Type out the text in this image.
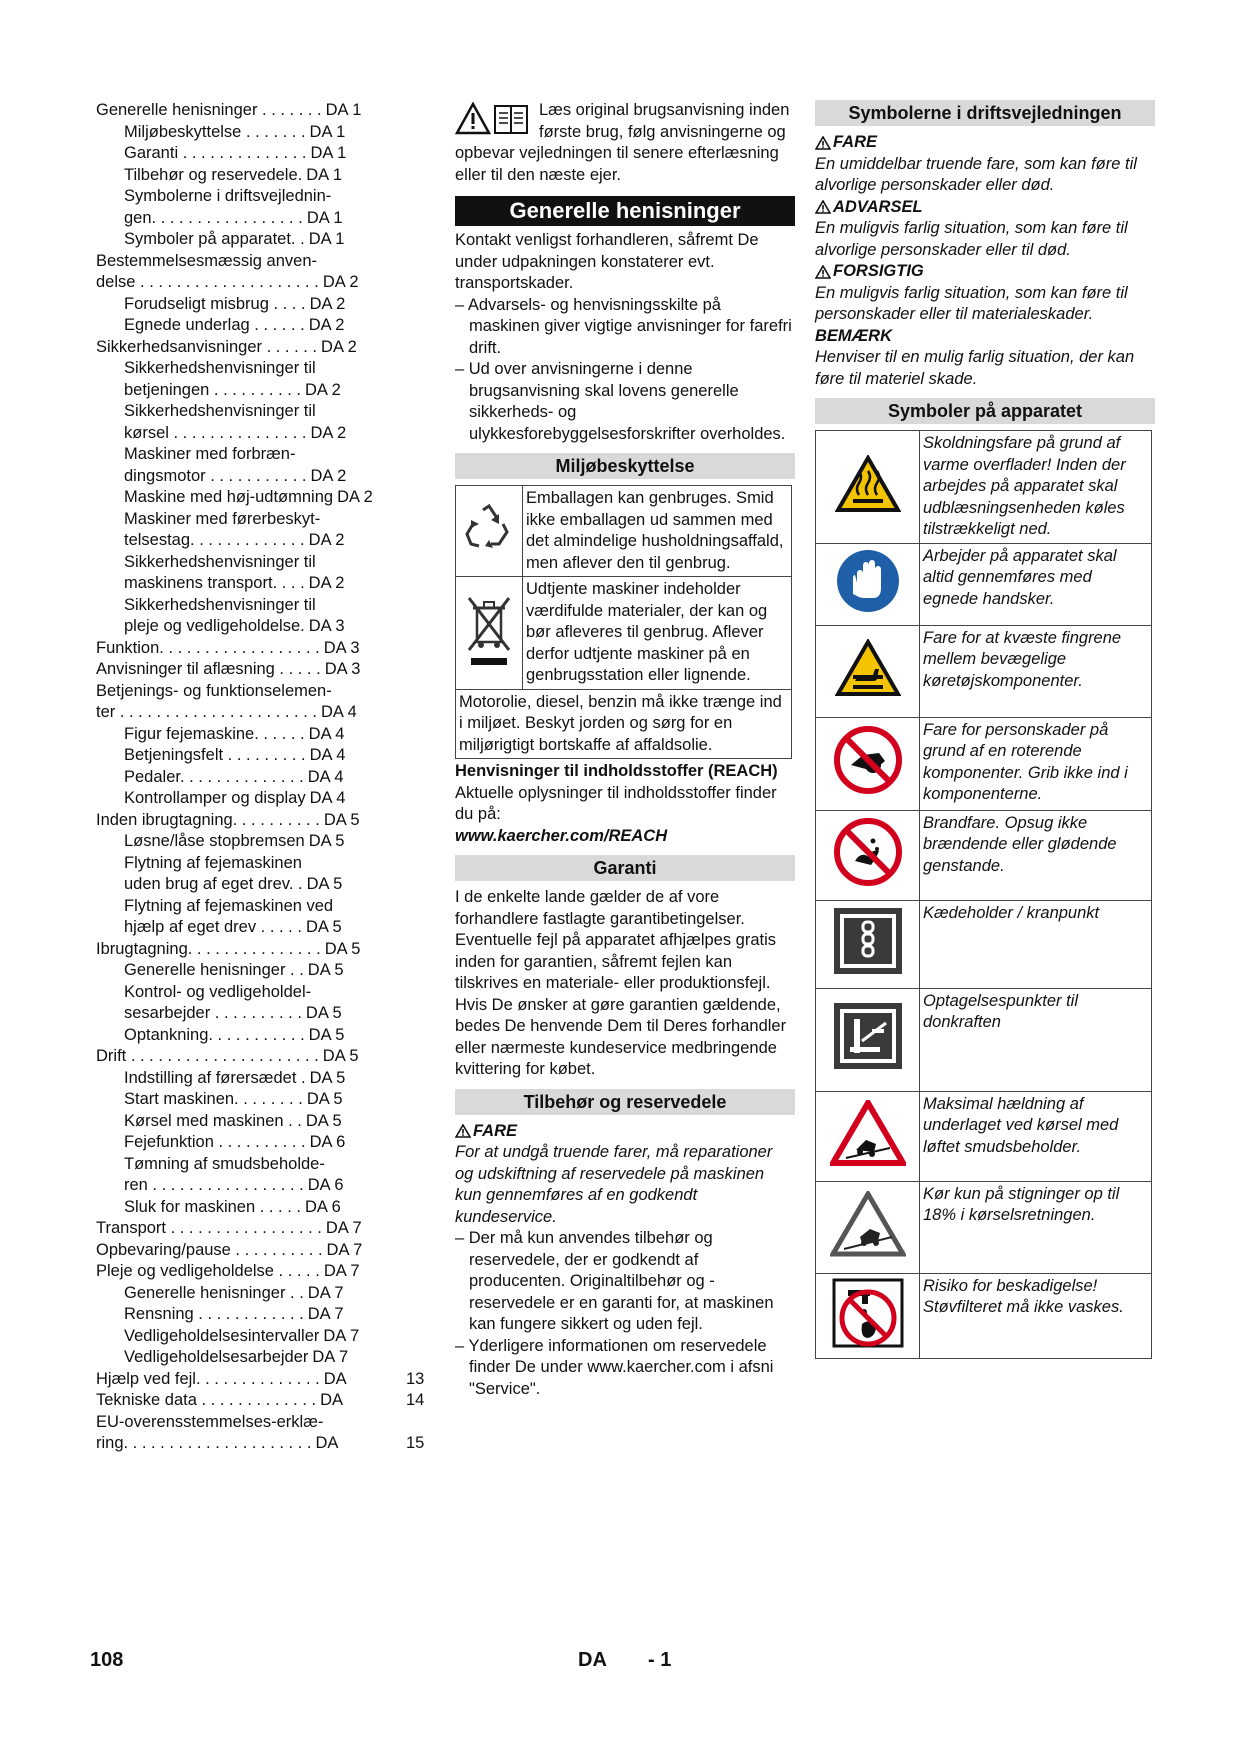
Generelle henisninger . . . . . . . DA 1
Miljøbeskyttelse . . . . . . . DA 1
Garanti . . . . . . . . . . . . . . DA 1
Tilbehør og reservedele. DA 1
Symbolerne i driftsvejlednin-
gen. . . . . . . . . . . . . . . . . DA 1
Symboler på apparatet. . DA 1
Bestemmelsesmæssig anven-
delse . . . . . . . . . . . . . . . . . . . . DA 2
Forudseligt misbrug . . . . DA 2
Egnede underlag . . . . . . DA 2
Sikkerhedsanvisninger . . . . . . DA 2
Sikkerhedshenvisninger til
betjeningen . . . . . . . . . . DA 2
Sikkerhedshenvisninger til
kørsel . . . . . . . . . . . . . . . DA 2
Maskiner med forbræn-
dingsmotor . . . . . . . . . . . DA 2
Maskine med høj-udtømning DA 2
Maskiner med førerbeskyt-
telsestag. . . . . . . . . . . . . DA 2
Sikkerhedshenvisninger til
maskinens transport. . . . DA 2
Sikkerhedshenvisninger til
pleje og vedligeholdelse. DA 3
Funktion. . . . . . . . . . . . . . . . . . DA 3
Anvisninger til aflæsning . . . . . DA 3
Betjenings- og funktionselemen-
ter . . . . . . . . . . . . . . . . . . . . . . DA 4
Figur fejemaskine. . . . . . DA 4
Betjeningsfelt . . . . . . . . . DA 4
Pedaler. . . . . . . . . . . . . . DA 4
Kontrollamper og display DA 4
Inden ibrugtagning. . . . . . . . . . DA 5
Løsne/låse stopbremsen DA 5
Flytning af fejemaskinen
uden brug af eget drev. . DA 5
Flytning af fejemaskinen ved
hjælp af eget drev . . . . . DA 5
Ibrugtagning. . . . . . . . . . . . . . . DA 5
Generelle henisninger . . DA 5
Kontrol- og vedligeholdel-
sesarbejder . . . . . . . . . . DA 5
Optankning. . . . . . . . . . . DA 5
Drift . . . . . . . . . . . . . . . . . . . . . DA 5
Indstilling af førersædet . DA 5
Start maskinen. . . . . . . . DA 5
Kørsel med maskinen . . DA 5
Fejefunktion . . . . . . . . . . DA 6
Tømning af smudsbeholde-
ren . . . . . . . . . . . . . . . . . DA 6
Sluk for maskinen . . . . . DA 6
Transport . . . . . . . . . . . . . . . . . DA 7
Opbevaring/pause . . . . . . . . . . DA 7
Pleje og vedligeholdelse . . . . . DA 7
Generelle henisninger . . DA 7
Rensning . . . . . . . . . . . . DA 7
Vedligeholdelsesintervaller DA 7
Vedligeholdelsesarbejder DA 7
Hjælp ved fejl. . . . . . . . . . . . . . DA	13
Tekniske data . . . . . . . . . . . . . DA	14
EU-overensstemmelses-erklæ-
ring. . . . . . . . . . . . . . . . . . . . . DA	15

Læs original brugsanvisning inden første brug, følg anvisningerne og opbevar vejledningen til senere efterlæsning eller til den næste ejer.

Generelle henisninger

Kontakt venligst forhandleren, såfremt De under udpakningen konstaterer evt. transportskader.

– Advarsels- og henvisningsskilte på maskinen giver vigtige anvisninger for farefri drift.

– Ud over anvisningerne i denne brugsanvisning skal lovens generelle sikkerheds- og ulykkesforebyggelsesforskrifter overholdes.

Miljøbeskyttelse
	Emballagen kan genbruges. Smid ikke emballagen ud sammen med det almindelige husholdningsaffald, men aflever den til genbrug.
	Udtjente maskiner indeholder værdifulde materialer, der kan og bør afleveres til genbrug. Aflever derfor udtjente maskiner på en genbrugsstation eller lignende.
Motorolie, diesel, benzin må ikke trænge ind i miljøet. Beskyt jorden og sørg for en miljørigtigt bortskaffe af affaldsolie.	

Henvisninger til indholdsstoffer (REACH)

Aktuelle oplysninger til indholdsstoffer finder du på:

www.kaercher.com/REACH

Garanti

I de enkelte lande gælder de af vore forhandlere fastlagte garantibetingelser. Eventuelle fejl på apparatet afhjælpes gratis inden for garantien, såfremt fejlen kan tilskrives en materiale- eller produktionsfejl. Hvis De ønsker at gøre garantien gældende, bedes De henvende Dem til Deres forhandler eller nærmeste kundeservice medbringende kvittering for købet.

Tilbehør og reservedele
FARE

For at undgå truende farer, må reparationer og udskiftning af reservedele på maskinen kun gennemføres af en godkendt kundeservice.

– Der må kun anvendes tilbehør og reservedele, der er godkendt af producenten. Originaltilbehør og -reservedele er en garanti for, at maskinen kan fungere sikkert og uden fejl.

– Yderligere informationen om reservedele finder De under www.kaercher.com i afsni "Service".

Symbolerne i driftsvejledningen
FARE

En umiddelbar truende fare, som kan føre til alvorlige personskader eller død.

ADVARSEL

En muligvis farlig situation, som kan føre til alvorlige personskader eller til død.

FORSIGTIG

En muligvis farlig situation, som kan føre til personskader eller til materialeskader.

BEMÆRK

Henviser til en mulig farlig situation, der kan føre til materiel skade.

Symboler på apparatet
	Skoldningsfare på grund af varme overflader! Inden der arbejdes på apparatet skal udblæsningsenheden køles tilstrækkeligt ned.
	Arbejder på apparatet skal altid gennemføres med egnede handsker.
	Fare for at kvæste fingrene mellem bevægelige køretøjskomponenter.
	Fare for personskader på grund af en roterende komponenter. Grib ikke ind i komponenterne.
	Brandfare. Opsug ikke brændende eller glødende genstande.
	Kædeholder / kranpunkt
	Optagelsespunkter til donkraften
	Maksimal hældning af underlaget ved kørsel med løftet smudsbeholder.
	Kør kun på stigninger op til 18% i kørselsretningen.
	Risiko for beskadigelse! Støvfilteret må ikke vaskes.
108	DA - 1
